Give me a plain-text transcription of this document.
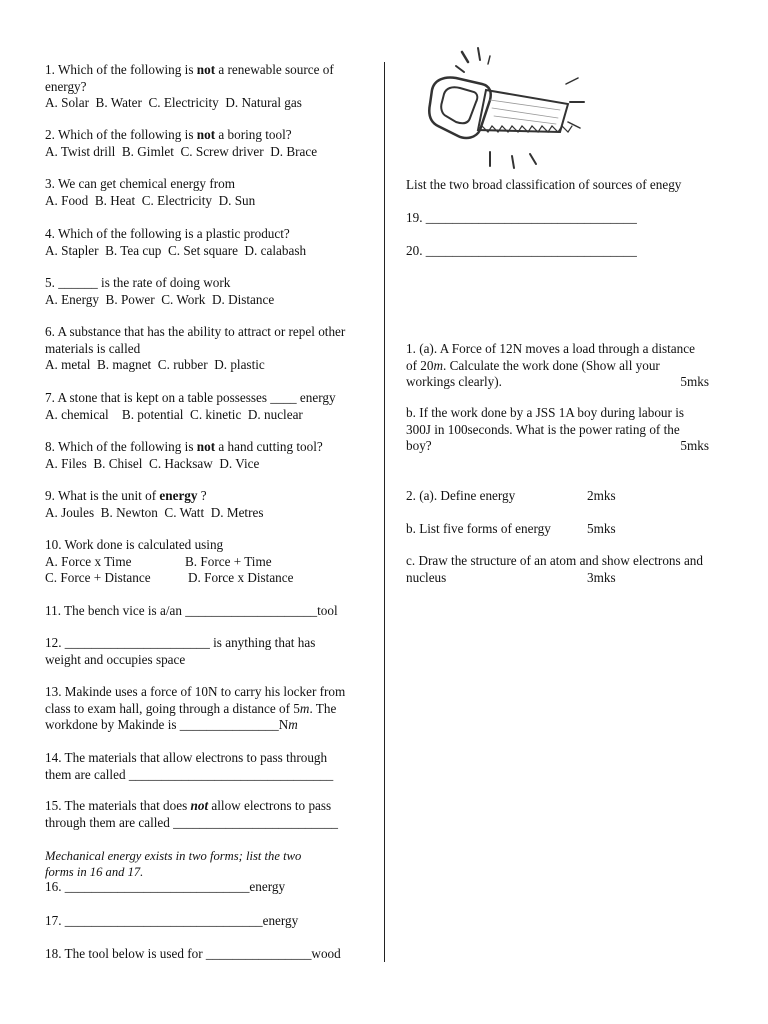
1. Which of the following is not a renewable source of
energy?
A. Solar  B. Water  C. Electricity  D. Natural gas
2. Which of the following is not a boring tool?
A. Twist drill  B. Gimlet  C. Screw driver  D. Brace
3. We can get chemical energy from
A. Food  B. Heat  C. Electricity  D. Sun
4. Which of the following is a plastic product?
A. Stapler  B. Tea cup  C. Set square  D. calabash
5. ______ is the rate of doing work
A. Energy  B. Power  C. Work  D. Distance
6. A substance that has the ability to attract or repel other
materials is called
A. metal  B. magnet  C. rubber  D. plastic
7. A stone that is kept on a table possesses ____ energy
A. chemical    B. potential  C. kinetic  D. nuclear
8. Which of the following is not a hand cutting tool?
A. Files  B. Chisel  C. Hacksaw  D. Vice
9. What is the unit of energy ?
A. Joules  B. Newton  C. Watt  D. Metres
10. Work done is calculated using
A. Force x Time	B. Force + Time
C. Force + Distance	D. Force x Distance
11. The bench vice is a/an ____________________tool
12. ______________________ is anything that has
weight and occupies space
13. Makinde uses a force of 10N to carry his locker from
class to exam hall, going through a distance of 5m. The
workdone by Makinde is _______________Nm
14. The materials that allow electrons to pass through
them are called _______________________________
15. The materials that does not allow electrons to pass
through them are called _________________________
Mechanical energy exists in two forms; list the two
forms in 16 and 17.
16. ____________________________energy
17. ______________________________energy
18. The tool below is used for ________________wood
List the two broad classification of sources of enegy
19. ________________________________
20. ________________________________
1. (a). A Force of 12N moves a load through a distance
of 20m. Calculate the work done (Show all your
workings clearly).	5mks
b. If the work done by a JSS 1A boy during labour is
300J in 100seconds. What is the power rating of the
boy?	5mks
2. (a). Define energy	2mks
b. List five forms of energy	5mks
c. Draw the structure of an atom and show electrons and
nucleus	3mks
